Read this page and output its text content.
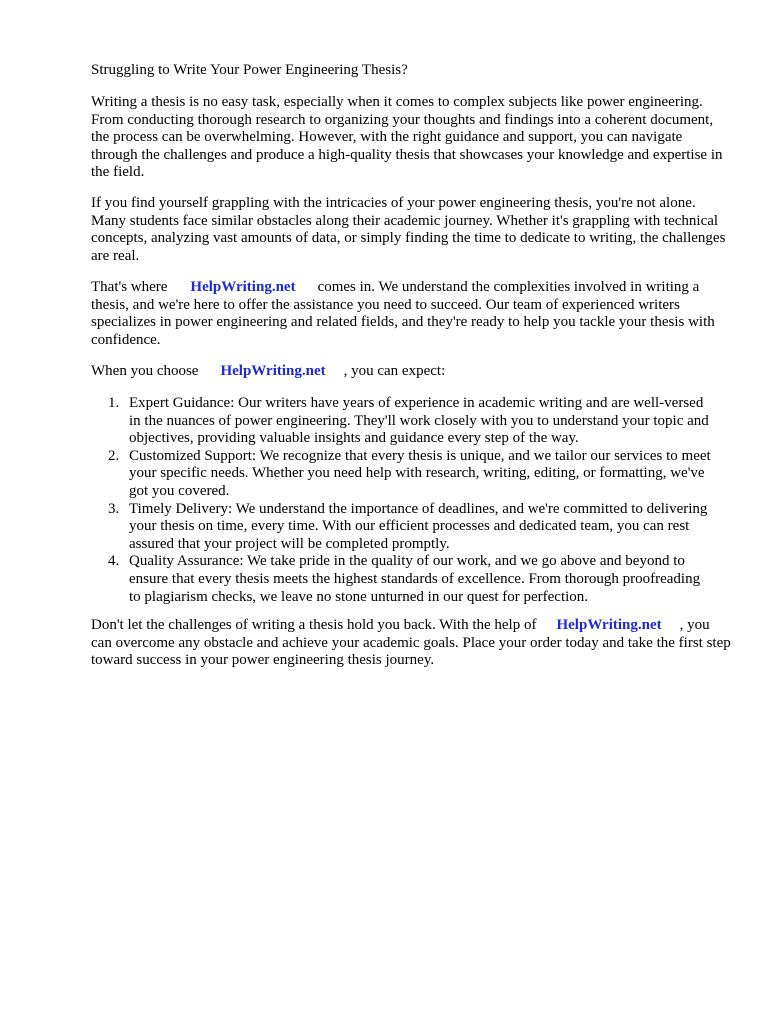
Struggling to Write Your Power Engineering Thesis?
Writing a thesis is no easy task, especially when it comes to complex subjects like power engineering. From conducting thorough research to organizing your thoughts and findings into a coherent document, the process can be overwhelming. However, with the right guidance and support, you can navigate through the challenges and produce a high-quality thesis that showcases your knowledge and expertise in the field.
If you find yourself grappling with the intricacies of your power engineering thesis, you're not alone. Many students face similar obstacles along their academic journey. Whether it's grappling with technical concepts, analyzing vast amounts of data, or simply finding the time to dedicate to writing, the challenges are real.
That's where HelpWriting.net comes in. We understand the complexities involved in writing a thesis, and we're here to offer the assistance you need to succeed. Our team of experienced writers specializes in power engineering and related fields, and they're ready to help you tackle your thesis with confidence.
When you choose HelpWriting.net , you can expect:
1. Expert Guidance: Our writers have years of experience in academic writing and are well-versed in the nuances of power engineering. They'll work closely with you to understand your topic and objectives, providing valuable insights and guidance every step of the way.
2. Customized Support: We recognize that every thesis is unique, and we tailor our services to meet your specific needs. Whether you need help with research, writing, editing, or formatting, we've got you covered.
3. Timely Delivery: We understand the importance of deadlines, and we're committed to delivering your thesis on time, every time. With our efficient processes and dedicated team, you can rest assured that your project will be completed promptly.
4. Quality Assurance: We take pride in the quality of our work, and we go above and beyond to ensure that every thesis meets the highest standards of excellence. From thorough proofreading to plagiarism checks, we leave no stone unturned in our quest for perfection.
Don't let the challenges of writing a thesis hold you back. With the help of HelpWriting.net , you can overcome any obstacle and achieve your academic goals. Place your order today and take the first step toward success in your power engineering thesis journey.
